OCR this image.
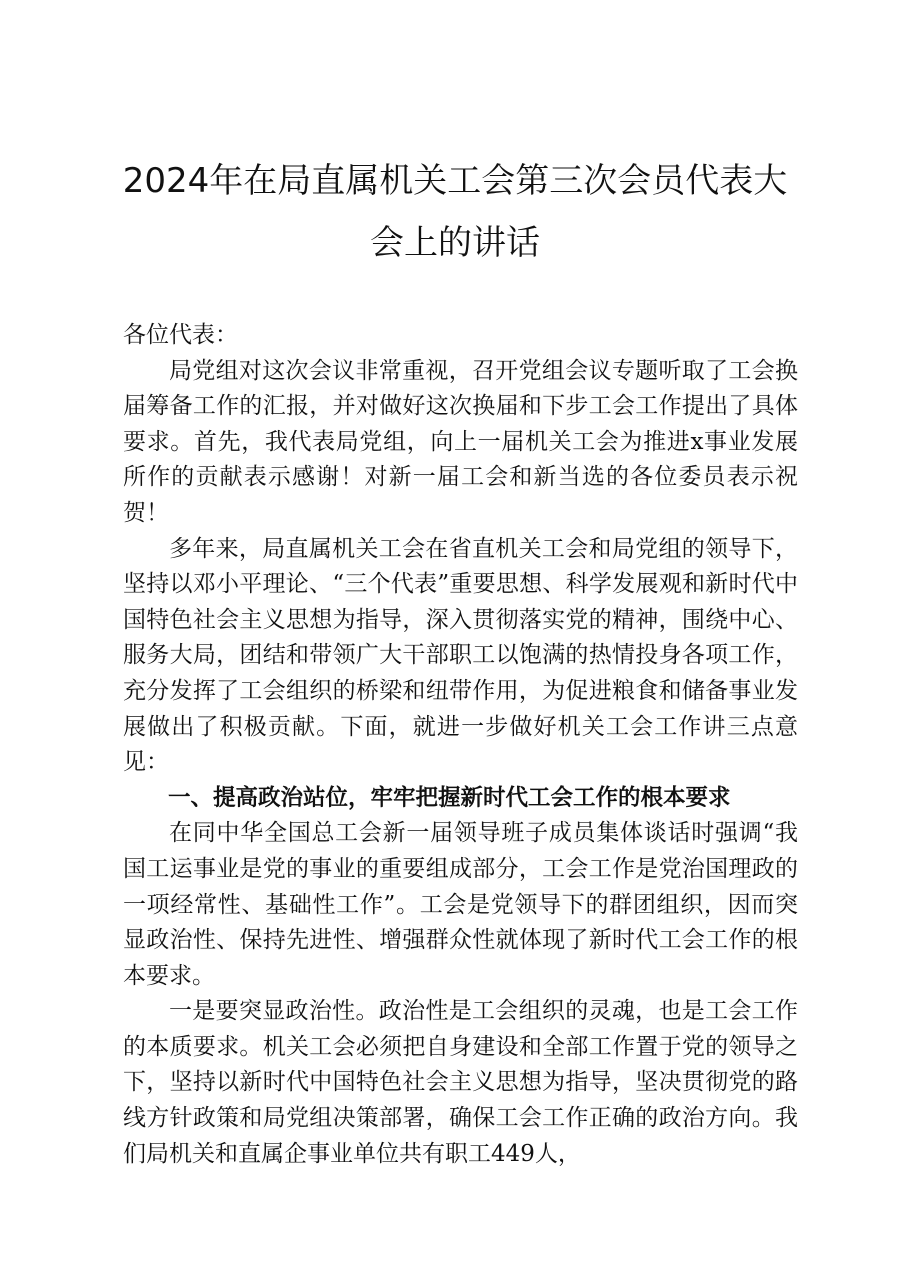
2024年在局直属机关工会第三次会员代表大会上的讲话

各位代表：

局党组对这次会议非常重视，召开党组会议专题听取了工会换届筹备工作的汇报，并对做好这次换届和下步工会工作提出了具体要求。首先，我代表局党组，向上一届机关工会为推进x事业发展所作的贡献表示感谢！对新一届工会和新当选的各位委员表示祝贺！

多年来，局直属机关工会在省直机关工会和局党组的领导下，坚持以邓小平理论、“三个代表”重要思想、科学发展观和新时代中国特色社会主义思想为指导，深入贯彻落实党的精神，围绕中心、服务大局，团结和带领广大干部职工以饱满的热情投身各项工作，充分发挥了工会组织的桥梁和纽带作用，为促进粮食和储备事业发展做出了积极贡献。下面，就进一步做好机关工会工作讲三点意见：

一、提高政治站位，牢牢把握新时代工会工作的根本要求

在同中华全国总工会新一届领导班子成员集体谈话时强调“我国工运事业是党的事业的重要组成部分，工会工作是党治国理政的一项经常性、基础性工作”。工会是党领导下的群团组织，因而突显政治性、保持先进性、增强群众性就体现了新时代工会工作的根本要求。

一是要突显政治性。政治性是工会组织的灵魂，也是工会工作的本质要求。机关工会必须把自身建设和全部工作置于党的领导之下，坚持以新时代中国特色社会主义思想为指导，坚决贯彻党的路线方针政策和局党组决策部署，确保工会工作正确的政治方向。我们局机关和直属企事业单位共有职工449人，
